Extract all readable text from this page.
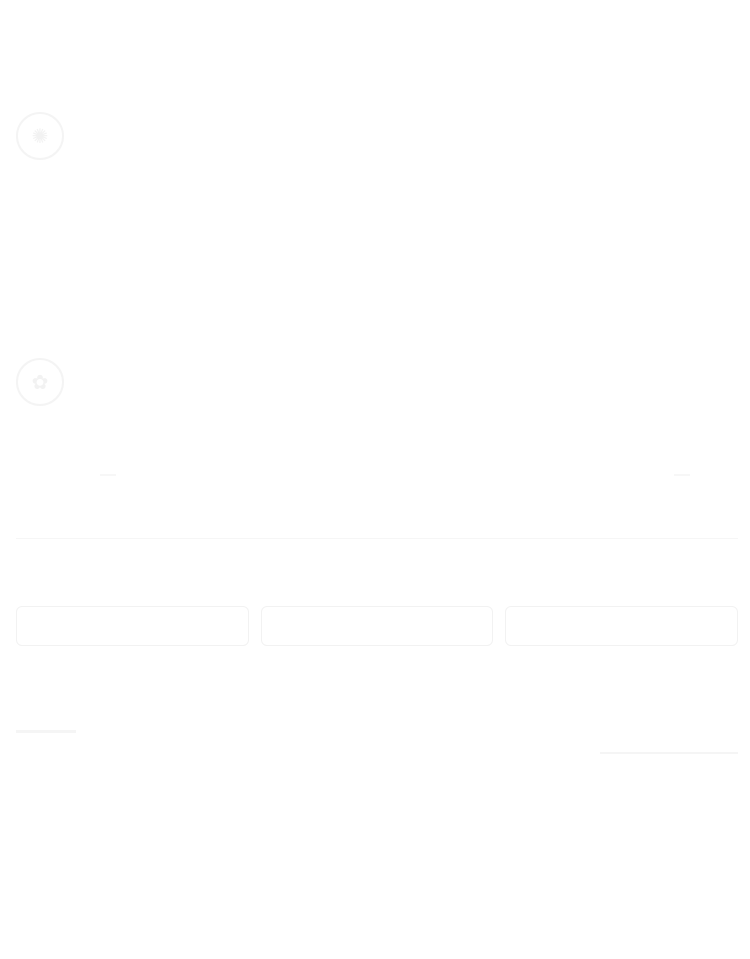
✺
✿
